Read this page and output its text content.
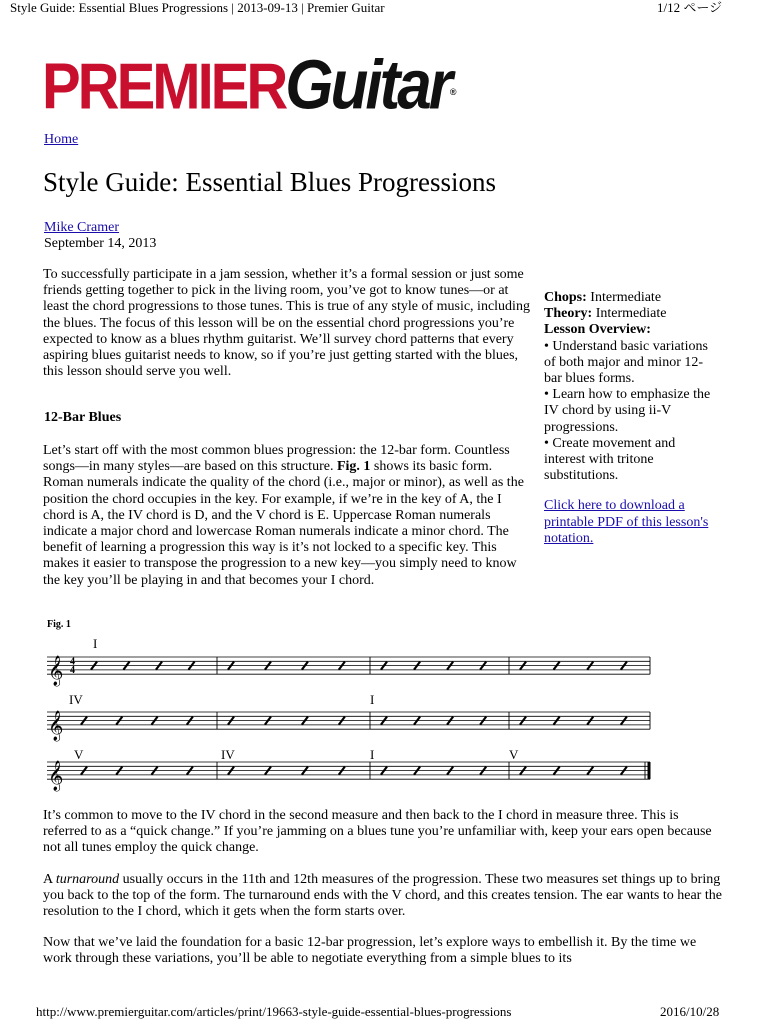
Style Guide: Essential Blues Progressions | 2013-09-13 | Premier Guitar	1/12 ページ
PREMIERGuitar®
Home
Style Guide: Essential Blues Progressions
Mike Cramer
September 14, 2013

To successfully participate in a jam session, whether it’s a formal session or just some friends getting together to pick in the living room, you’ve got to know tunes—or at least the chord progressions to those tunes. This is true of any style of music, including the blues. The focus of this lesson will be on the essential chord progressions you’re expected to know as a blues rhythm guitarist. We’ll survey chord patterns that every aspiring blues guitarist needs to know, so if you’re just getting started with the blues, this lesson should serve you well.

12-Bar Blues

Let’s start off with the most common blues progression: the 12-bar form. Countless songs—in many styles—are based on this structure. Fig. 1 shows its basic form. Roman numerals indicate the quality of the chord (i.e., major or minor), as well as the position the chord occupies in the key. For example, if we’re in the key of A, the I chord is A, the IV chord is D, and the V chord is E. Uppercase Roman numerals indicate a major chord and lowercase Roman numerals indicate a minor chord. The benefit of learning a progression this way is it’s not locked to a specific key. This makes it easier to transpose the progression to a new key—you simply need to know the key you’ll be playing in and that becomes your I chord.

Chops: Intermediate
Theory: Intermediate
Lesson Overview:
• Understand basic variations of both major and minor 12-bar blues forms.
• Learn how to emphasize the IV chord by using ii-V progressions.
• Create movement and interest with tritone substitutions.
Click here to download a printable PDF of this lesson's notation.
Fig. 1
𝄞 4
4
I
𝄞
IV	I
𝄞
V	IV	I	V

It’s common to move to the IV chord in the second measure and then back to the I chord in measure three. This is referred to as a “quick change.” If you’re jamming on a blues tune you’re unfamiliar with, keep your ears open because not all tunes employ the quick change.

A turnaround usually occurs in the 11th and 12th measures of the progression. These two measures set things up to bring you back to the top of the form. The turnaround ends with the V chord, and this creates tension. The ear wants to hear the resolution to the I chord, which it gets when the form starts over.

Now that we’ve laid the foundation for a basic 12-bar progression, let’s explore ways to embellish it. By the time we work through these variations, you’ll be able to negotiate everything from a simple blues to its

http://www.premierguitar.com/articles/print/19663-style-guide-essential-blues-progressions	2016/10/28
